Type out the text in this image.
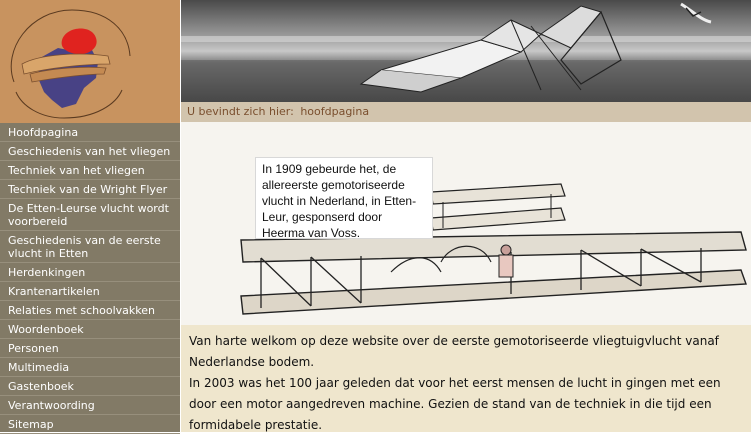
U bevindt zich hier: hoofdpagina
Hoofdpagina
Geschiedenis van het vliegen
Techniek van het vliegen
Techniek van de Wright Flyer
De Etten-Leurse vlucht wordt voorbereid
Geschiedenis van de eerste vlucht in Etten
Herdenkingen
Krantenartikelen
Relaties met schoolvakken
Woordenboek
Personen
Multimedia
Gastenboek
Verantwoording
Sitemap
In 1909 gebeurde het, de allereerste gemotoriseerde vlucht in Nederland, in Etten-Leur, gesponserd door Heerma van Voss.

Van harte welkom op deze website over de eerste gemotoriseerde vliegtuigvlucht vanaf Nederlandse bodem.

In 2003 was het 100 jaar geleden dat voor het eerst mensen de lucht in gingen met een door een motor aangedreven machine. Gezien de stand van de techniek in die tijd een formidabele prestatie.
